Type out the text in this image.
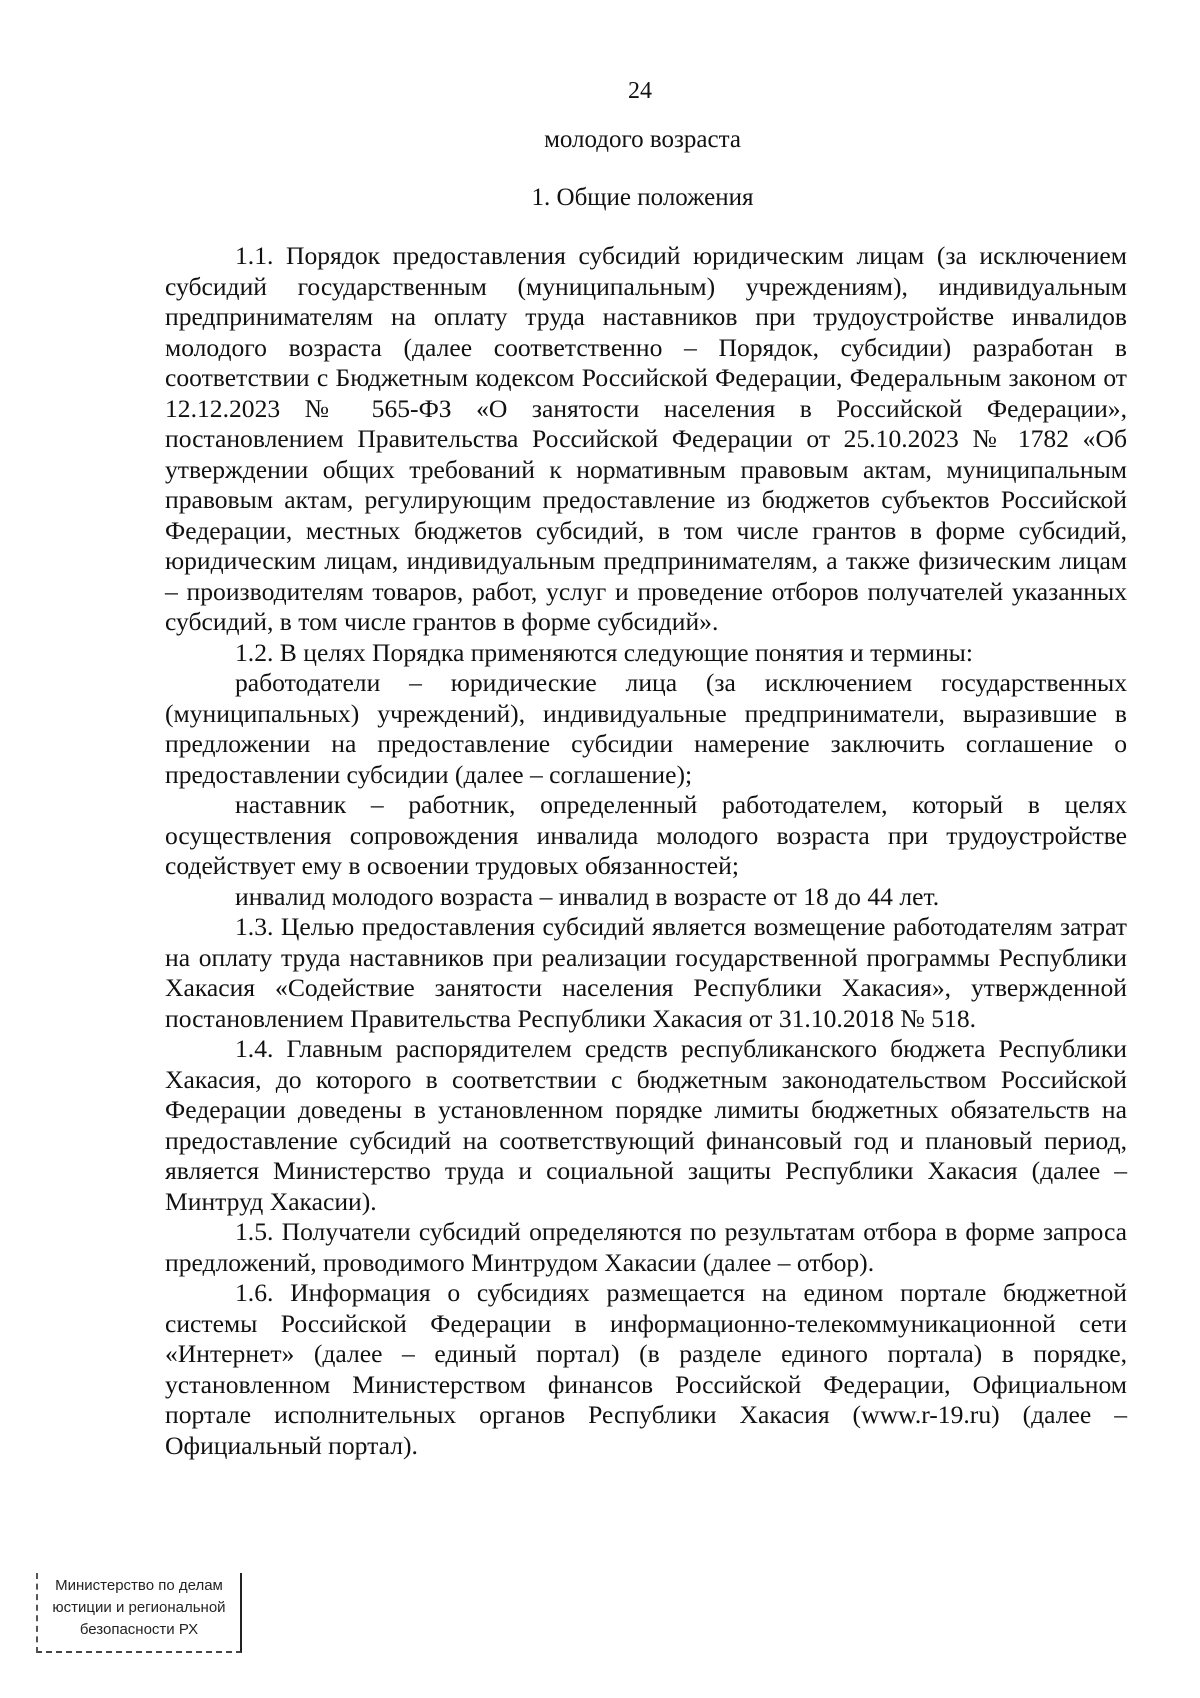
24
молодого возраста
1. Общие положения

1.1. Порядок предоставления субсидий юридическим лицам (за исключением субсидий государственным (муниципальным) учреждениям), индивидуальным предпринимателям на оплату труда наставников при трудоустройстве инвалидов молодого возраста (далее соответственно – Порядок, субсидии) разработан в соответствии с Бюджетным кодексом Российской Федерации, Федеральным законом от 12.12.2023 № 565-ФЗ «О занятости населения в Российской Федерации», постановлением Правительства Российской Федерации от 25.10.2023 № 1782 «Об утверждении общих требований к нормативным правовым актам, муниципальным правовым актам, регулирующим предоставление из бюджетов субъектов Российской Федерации, местных бюджетов субсидий, в том числе грантов в форме субсидий, юридическим лицам, индивидуальным предпринимателям, а также физическим лицам – производителям товаров, работ, услуг и проведение отборов получателей указанных субсидий, в том числе грантов в форме субсидий».

1.2. В целях Порядка применяются следующие понятия и термины:

работодатели – юридические лица (за исключением государственных (муниципальных) учреждений), индивидуальные предприниматели, выразившие в предложении на предоставление субсидии намерение заключить соглашение о предоставлении субсидии (далее – соглашение);

наставник – работник, определенный работодателем, который в целях осуществления сопровождения инвалида молодого возраста при трудоустройстве содействует ему в освоении трудовых обязанностей;

инвалид молодого возраста – инвалид в возрасте от 18 до 44 лет.

1.3. Целью предоставления субсидий является возмещение работодателям затрат на оплату труда наставников при реализации государственной программы Республики Хакасия «Содействие занятости населения Республики Хакасия», утвержденной постановлением Правительства Республики Хакасия от 31.10.2018 № 518.

1.4. Главным распорядителем средств республиканского бюджета Республики Хакасия, до которого в соответствии с бюджетным законодательством Российской Федерации доведены в установленном порядке лимиты бюджетных обязательств на предоставление субсидий на соответствующий финансовый год и плановый период, является Министерство труда и социальной защиты Республики Хакасия (далее – Минтруд Хакасии).

1.5. Получатели субсидий определяются по результатам отбора в форме запроса предложений, проводимого Минтрудом Хакасии (далее – отбор).

1.6. Информация о субсидиях размещается на едином портале бюджетной системы Российской Федерации в информационно-телекоммуникационной сети «Интернет» (далее – единый портал) (в разделе единого портала) в порядке, установленном Министерством финансов Российской Федерации, Официальном портале исполнительных органов Республики Хакасия (www.r-19.ru) (далее – Официальный портал).

Министерство по делам
юстиции и региональной
безопасности РХ
